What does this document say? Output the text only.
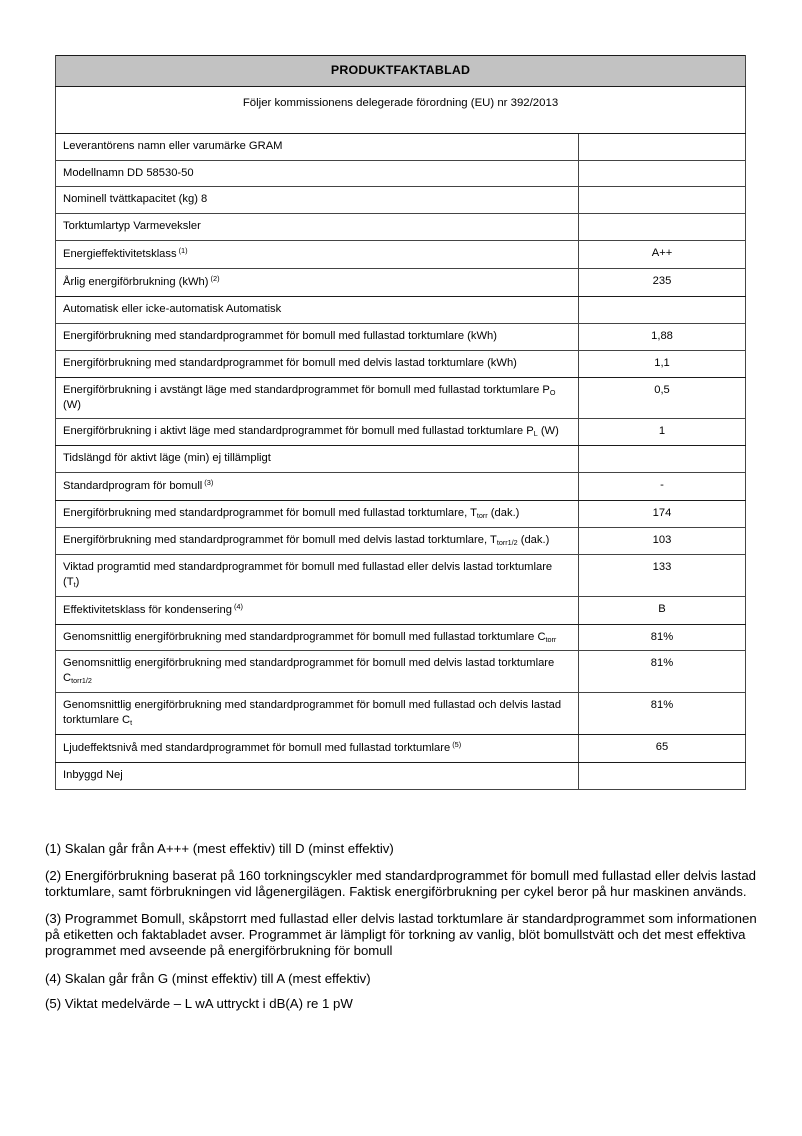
PRODUKTFAKTABLAD	
Följer kommissionens delegerade förordning (EU) nr 392/2013	
Leverantörens namn eller varumärke GRAM	
Modellnamn DD 58530-50	
Nominell tvättkapacitet (kg) 8	
Torktumlartyp Varmeveksler	
Energieffektivitetsklass $^{(1)}$	A++
Årlig energiförbrukning (kWh) $^{(2)}$	235
Automatisk eller icke-automatisk Automatisk	
Energiförbrukning med standardprogrammet för bomull med fullastad torktumlare (kWh)	1,88
Energiförbrukning med standardprogrammet för bomull med delvis lastad torktumlare (kWh)	1,1
Energiförbrukning i avstängt läge med standardprogrammet för bomull med fullastad torktumlare $P_O$ (W)	0,5
Energiförbrukning i aktivt läge med standardprogrammet för bomull med fullastad torktumlare $P_L$ (W)	1
Tidslängd för aktivt läge (min) ej tillämpligt	
Standardprogram för bomull $^{(3)}$	-
Energiförbrukning med standardprogrammet för bomull med fullastad torktumlare, $T_{torr}$ (dak.)	174
Energiförbrukning med standardprogrammet för bomull med delvis lastad torktumlare, $T_{torr1/2}$ (dak.)	103
Viktad programtid med standardprogrammet för bomull med fullastad eller delvis lastad torktumlare $(T_t)$	133
Effektivitetsklass för kondensering $^{(4)}$	B
Genomsnittlig energiförbrukning med standardprogrammet för bomull med fullastad torktumlare $C_{torr}$	81%
Genomsnittlig energiförbrukning med standardprogrammet för bomull med delvis lastad torktumlare $C_{torr1/2}$	81%
Genomsnittlig energiförbrukning med standardprogrammet för bomull med fullastad och delvis lastad torktumlare $C_t$	81%
Ljudeffektsnivå med standardprogrammet för bomull med fullastad torktumlare $^{(5)}$	65
Inbyggd Nej	
(1) Skalan går från A+++ (mest effektiv) till D (minst effektiv)
(2) Energiförbrukning baserat på 160 torkningscykler med standardprogrammet för bomull med fullastad eller delvis lastad torktumlare, samt förbrukningen vid lågenergilägen. Faktisk energiförbrukning per cykel beror på hur maskinen används.
(3) Programmet Bomull, skåpstorrt med fullastad eller delvis lastad torktumlare är standardprogrammet som informationen på etiketten och faktabladet avser. Programmet är lämpligt för torkning av vanlig, blöt bomullstvätt och det mest effektiva programmet med avseende på energiförbrukning för bomull
(4) Skalan går från G (minst effektiv) till A (mest effektiv)
(5) Viktat medelvärde – L wA uttryckt i dB(A) re 1 pW
